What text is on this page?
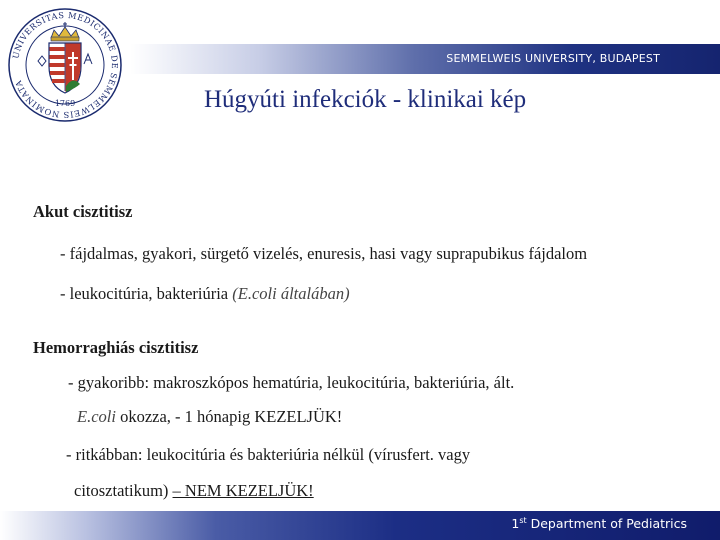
SEMMELWEIS UNIVERSITY, BUDAPEST
UNIVERSITAS MEDICINAE DE SEMMELWEIS NOMINATA
1769	Húgyúti infekciók - klinikai kép
Akut cisztitisz
- fájdalmas, gyakori, sürgető vizelés, enuresis, hasi vagy suprapubikus fájdalom
- leukocitúria, bakteriúria (E.coli általában)
Hemorraghiás cisztitisz
- gyakoribb: makroszkópos hematúria, leukocitúria, bakteriúria, ált.
E.coli okozza, - 1 hónapig KEZELJÜK!
- ritkábban: leukocitúria és bakteriúria nélkül (vírusfert. vagy
citosztatikum) – NEM KEZELJÜK!
1st Department of Pediatrics
